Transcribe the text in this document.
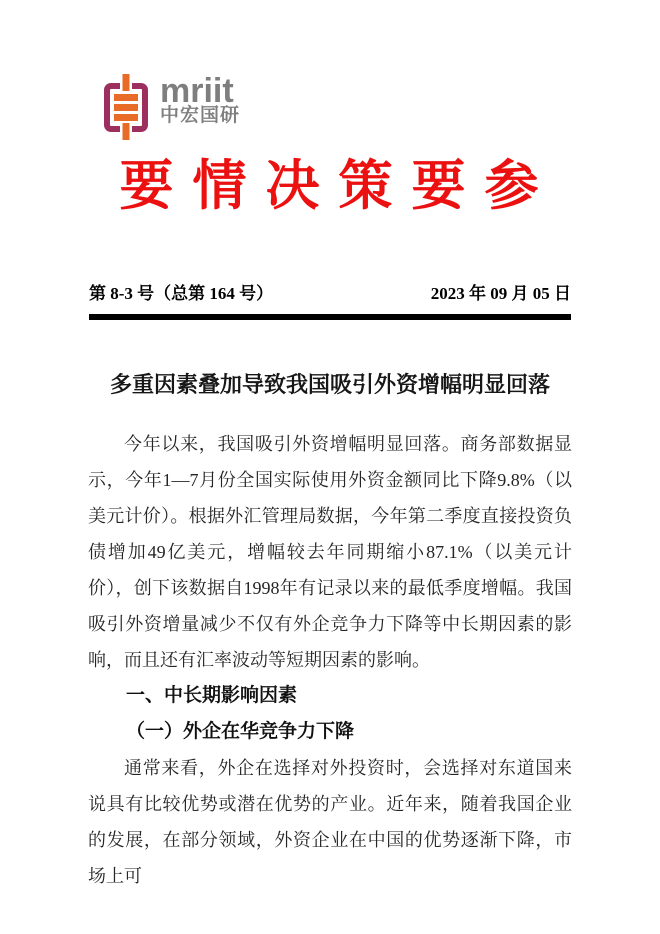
mriit
中宏国研
要 情 决 策 要 参
第 8-3 号（总第 164 号）	2023 年 09 月 05 日
多重因素叠加导致我国吸引外资增幅明显回落

今年以来，我国吸引外资增幅明显回落。商务部数据显示，今年1—7月份全国实际使用外资金额同比下降9.8%（以美元计价）。根据外汇管理局数据，今年第二季度直接投资负债增加49亿美元，增幅较去年同期缩小87.1%（以美元计价），创下该数据自1998年有记录以来的最低季度增幅。我国吸引外资增量减少不仅有外企竞争力下降等中长期因素的影响，而且还有汇率波动等短期因素的影响。

一、中长期影响因素
（一）外企在华竞争力下降

通常来看，外企在选择对外投资时，会选择对东道国来说具有比较优势或潜在优势的产业。近年来，随着我国企业的发展，在部分领域，外资企业在中国的优势逐渐下降，市场上可
